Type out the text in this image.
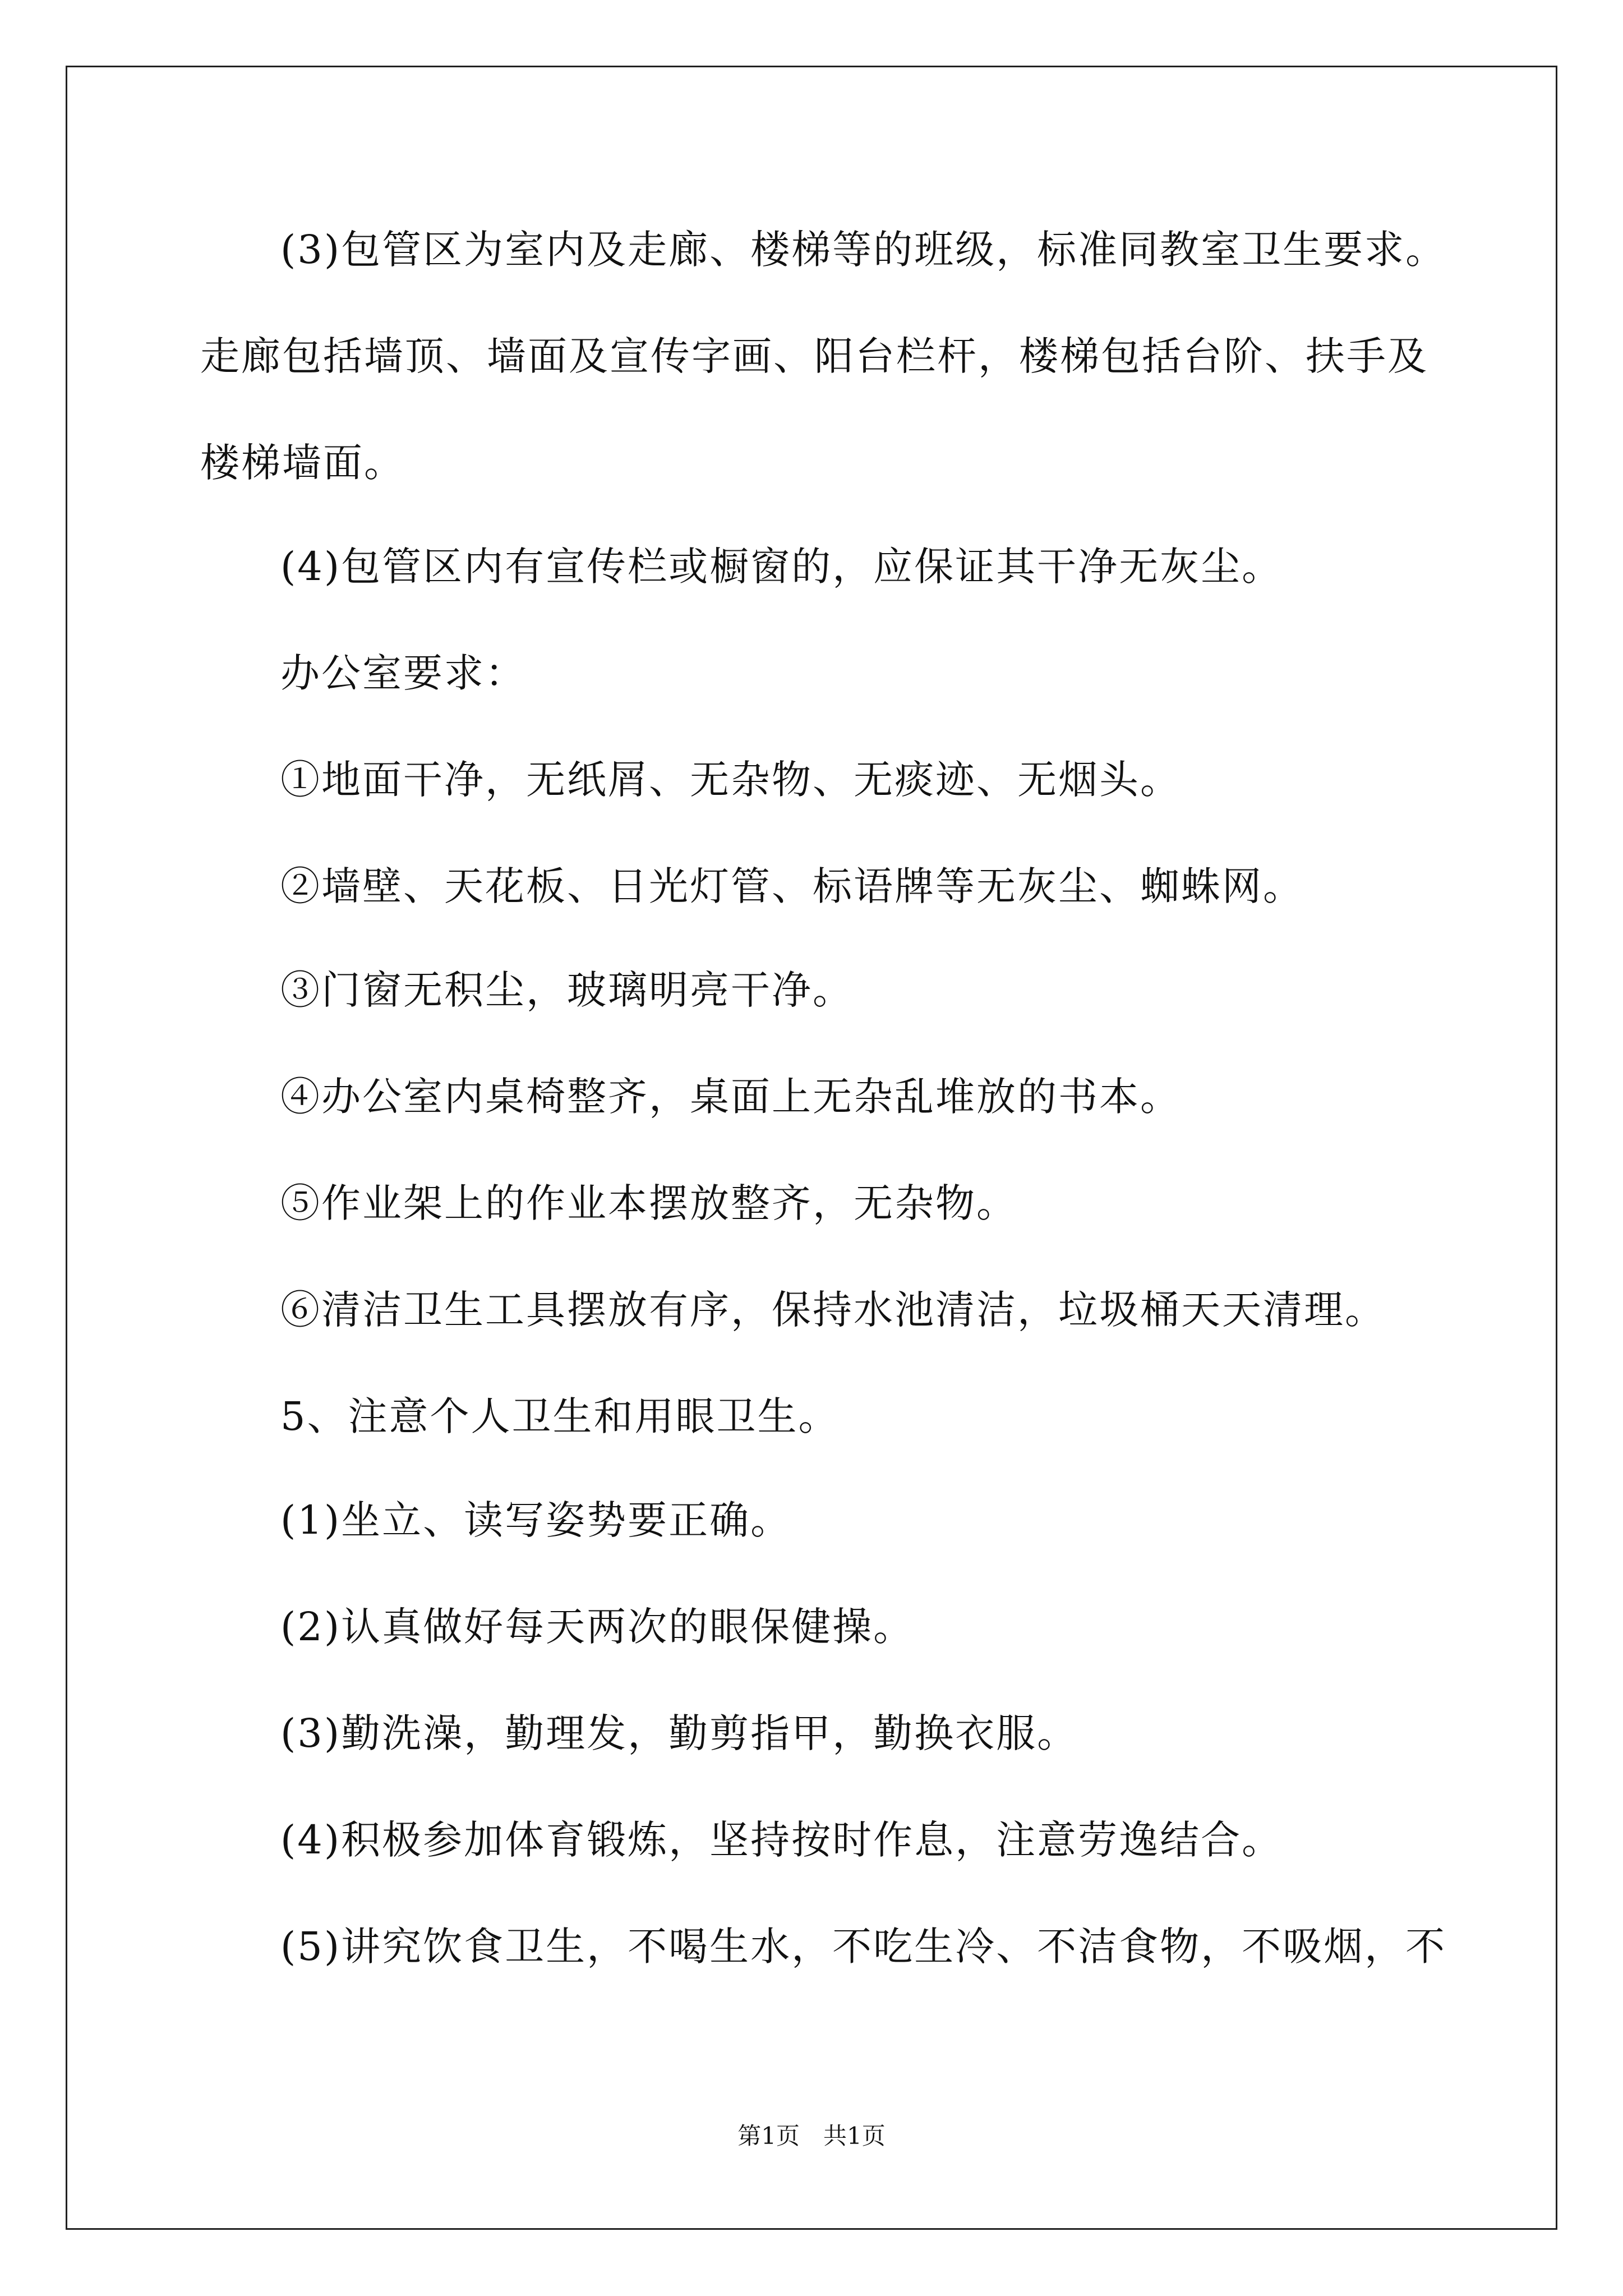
(3)包管区为室内及走廊、楼梯等的班级，标准同教室卫生要求。
走廊包括墙顶、墙面及宣传字画、阳台栏杆，楼梯包括台阶、扶手及
楼梯墙面。
(4)包管区内有宣传栏或橱窗的，应保证其干净无灰尘。
办公室要求：
①地面干净，无纸屑、无杂物、无痰迹、无烟头。
②墙壁、天花板、日光灯管、标语牌等无灰尘、蜘蛛网。
③门窗无积尘，玻璃明亮干净。
④办公室内桌椅整齐，桌面上无杂乱堆放的书本。
⑤作业架上的作业本摆放整齐，无杂物。
⑥清洁卫生工具摆放有序，保持水池清洁，垃圾桶天天清理。
5、注意个人卫生和用眼卫生。
(1)坐立、读写姿势要正确。
(2)认真做好每天两次的眼保健操。
(3)勤洗澡，勤理发，勤剪指甲，勤换衣服。
(4)积极参加体育锻炼，坚持按时作息，注意劳逸结合。
(5)讲究饮食卫生，不喝生水，不吃生冷、不洁食物，不吸烟，不
第1页　共1页
